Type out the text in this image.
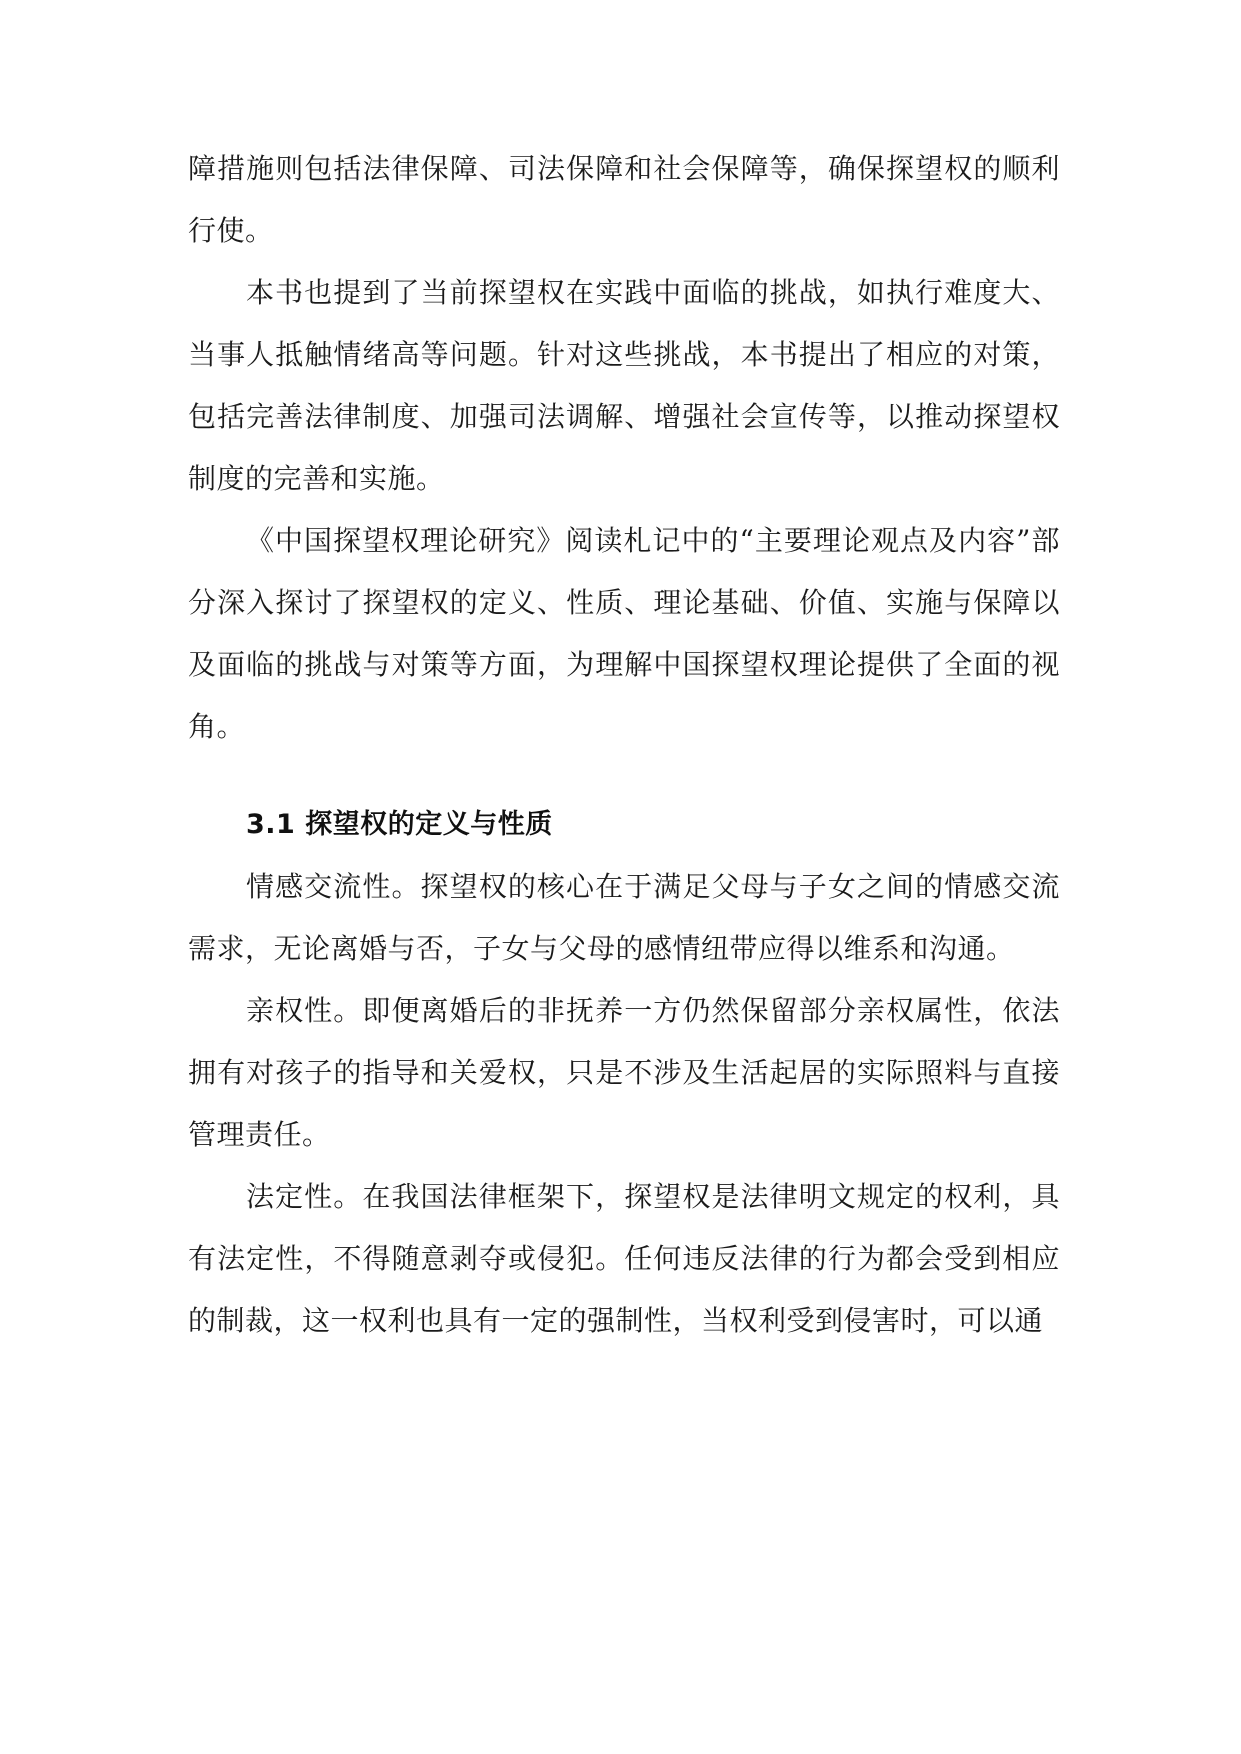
障措施则包括法律保障、司法保障和社会保障等，确保探望权的顺利行使。

本书也提到了当前探望权在实践中面临的挑战，如执行难度大、当事人抵触情绪高等问题。针对这些挑战，本书提出了相应的对策，包括完善法律制度、加强司法调解、增强社会宣传等，以推动探望权制度的完善和实施。

《中国探望权理论研究》阅读札记中的“主要理论观点及内容”部分深入探讨了探望权的定义、性质、理论基础、价值、实施与保障以及面临的挑战与对策等方面，为理解中国探望权理论提供了全面的视角。

3.1 探望权的定义与性质

情感交流性。探望权的核心在于满足父母与子女之间的情感交流需求，无论离婚与否，子女与父母的感情纽带应得以维系和沟通。

亲权性。即便离婚后的非抚养一方仍然保留部分亲权属性，依法拥有对孩子的指导和关爱权，只是不涉及生活起居的实际照料与直接管理责任。

法定性。在我国法律框架下，探望权是法律明文规定的权利，具有法定性，不得随意剥夺或侵犯。任何违反法律的行为都会受到相应的制裁，这一权利也具有一定的强制性，当权利受到侵害时，可以通
